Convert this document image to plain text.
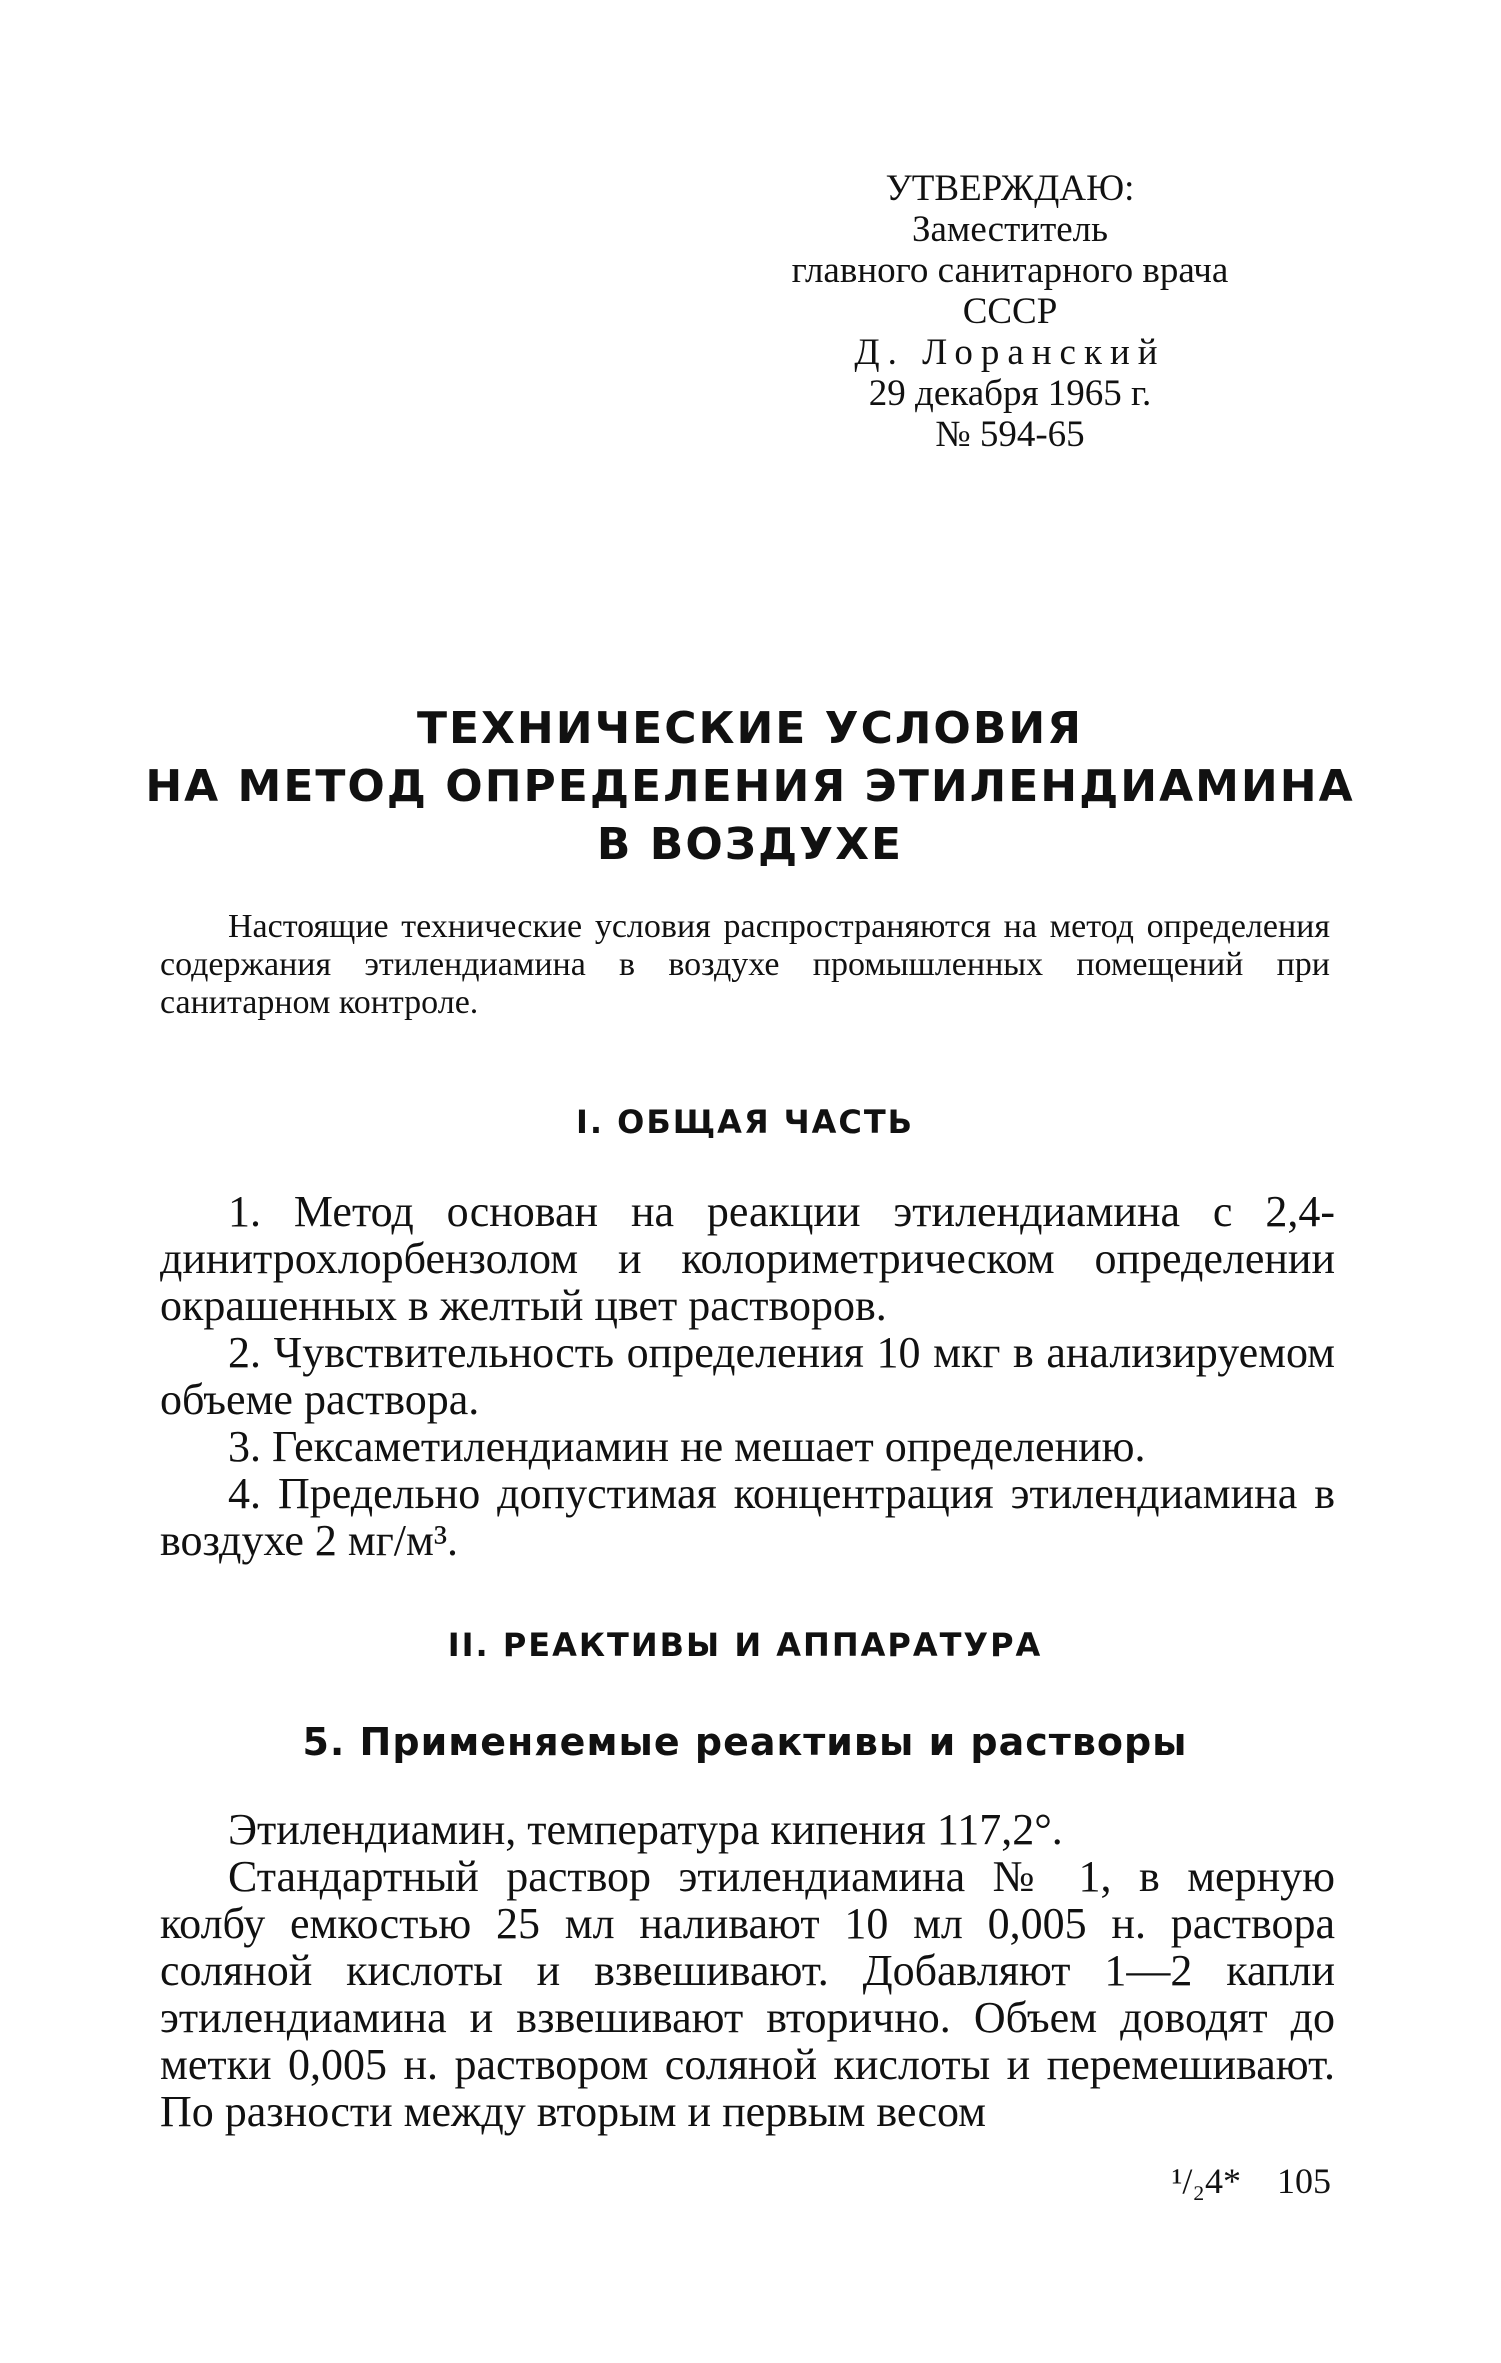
УТВЕРЖДАЮ:
Заместитель
главного санитарного врача
СССР
Д. Лоранский
29 декабря 1965 г.
№ 594-65
ТЕХНИЧЕСКИЕ УСЛОВИЯ
НА МЕТОД ОПРЕДЕЛЕНИЯ ЭТИЛЕНДИАМИНА
В ВОЗДУХЕ
Настоящие технические условия распространяются на метод определения содержания этилендиамина в воздухе промышленных помещений при санитарном контроле.
I. ОБЩАЯ ЧАСТЬ

1. Метод основан на реакции этилендиамина с 2,4-динитрохлорбензолом и колориметрическом определении окрашенных в желтый цвет растворов.

2. Чувствительность определения 10 мкг в анализируемом объеме раствора.

3. Гексаметилендиамин не мешает определению.

4. Предельно допустимая концентрация этилендиамина в воздухе 2 мг/м³.

II. РЕАКТИВЫ И АППАРАТУРА
5. Применяемые реактивы и растворы

Этилендиамин, температура кипения 117,2°.

Стандартный раствор этилендиамина № 1, в мерную колбу емкостью 25 мл наливают 10 мл 0,005 н. раствора соляной кислоты и взвешивают. Добавляют 1—2 капли этилендиамина и взвешивают вторично. Объем доводят до метки 0,005 н. раствором соляной кислоты и перемешивают. По разности между вторым и первым весом

¹/₂4* 105
